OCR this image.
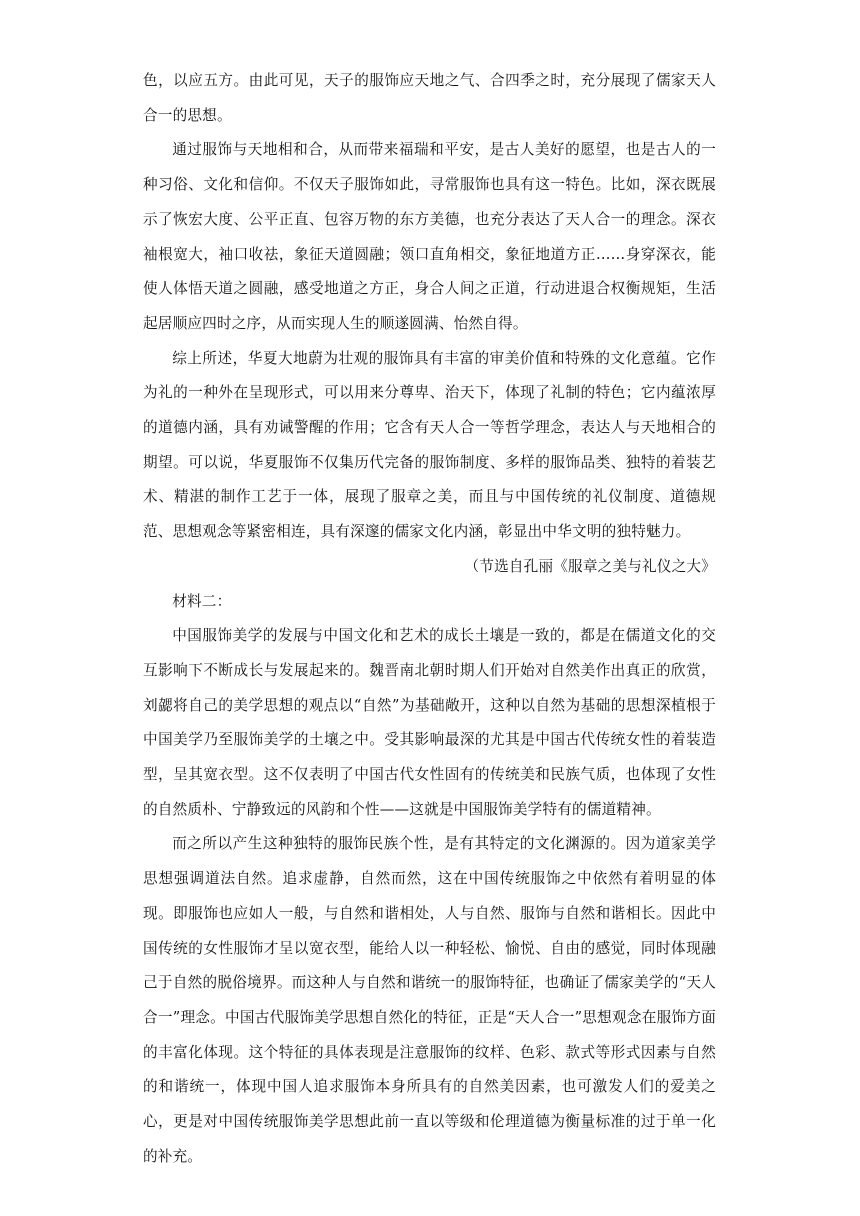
色，以应五方。由此可见，天子的服饰应天地之气、合四季之时，充分展现了儒家天人合一的思想。

通过服饰与天地相和合，从而带来福瑞和平安，是古人美好的愿望，也是古人的一种习俗、文化和信仰。不仅天子服饰如此，寻常服饰也具有这一特色。比如，深衣既展示了恢宏大度、公平正直、包容万物的东方美德，也充分表达了天人合一的理念。深衣袖根宽大，袖口收祛，象征天道圆融；领口直角相交，象征地道方正……身穿深衣，能使人体悟天道之圆融，感受地道之方正，身合人间之正道，行动进退合权衡规矩，生活起居顺应四时之序，从而实现人生的顺遂圆满、怡然自得。

综上所述，华夏大地蔚为壮观的服饰具有丰富的审美价值和特殊的文化意蕴。它作为礼的一种外在呈现形式，可以用来分尊卑、治天下，体现了礼制的特色；它内蕴浓厚的道德内涵，具有劝诫警醒的作用；它含有天人合一等哲学理念，表达人与天地相合的期望。可以说，华夏服饰不仅集历代完备的服饰制度、多样的服饰品类、独特的着装艺术、精湛的制作工艺于一体，展现了服章之美，而且与中国传统的礼仪制度、道德规范、思想观念等紧密相连，具有深邃的儒家文化内涵，彰显出中华文明的独特魅力。

（节选自孔丽《服章之美与礼仪之大》

材料二：

中国服饰美学的发展与中国文化和艺术的成长土壤是一致的，都是在儒道文化的交互影响下不断成长与发展起来的。魏晋南北朝时期人们开始对自然美作出真正的欣赏，刘勰将自己的美学思想的观点以“自然”为基础敞开，这种以自然为基础的思想深植根于中国美学乃至服饰美学的土壤之中。受其影响最深的尤其是中国古代传统女性的着装造型，呈其宽衣型。这不仅表明了中国古代女性固有的传统美和民族气质，也体现了女性的自然质朴、宁静致远的风韵和个性——这就是中国服饰美学特有的儒道精神。

而之所以产生这种独特的服饰民族个性，是有其特定的文化渊源的。因为道家美学思想强调道法自然。追求虚静，自然而然，这在中国传统服饰之中依然有着明显的体现。即服饰也应如人一般，与自然和谐相处，人与自然、服饰与自然和谐相长。因此中国传统的女性服饰才呈以宽衣型，能给人以一种轻松、愉悦、自由的感觉，同时体现融己于自然的脱俗境界。而这种人与自然和谐统一的服饰特征，也确证了儒家美学的“天人合一”理念。中国古代服饰美学思想自然化的特征，正是“天人合一”思想观念在服饰方面的丰富化体现。这个特征的具体表现是注意服饰的纹样、色彩、款式等形式因素与自然的和谐统一，体现中国人追求服饰本身所具有的自然美因素，也可激发人们的爱美之心，更是对中国传统服饰美学思想此前一直以等级和伦理道德为衡量标准的过于单一化的补充。
